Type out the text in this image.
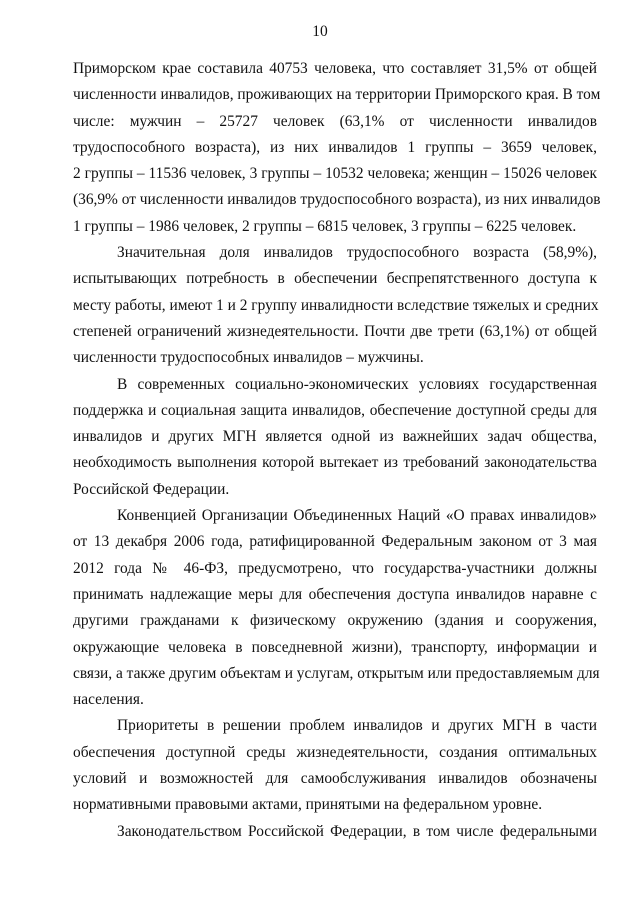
10
Приморском крае составила 40753 человека, что составляет 31,5% от общей
численности инвалидов, проживающих на территории Приморского края. В том
числе: мужчин – 25727 человек (63,1% от численности инвалидов
трудоспособного возраста), из них инвалидов 1 группы – 3659 человек,
2 группы – 11536 человек, 3 группы – 10532 человека; женщин – 15026 человек
(36,9% от численности инвалидов трудоспособного возраста), из них инвалидов
1 группы – 1986 человек, 2 группы – 6815 человек, 3 группы – 6225 человек.
Значительная доля инвалидов трудоспособного возраста (58,9%),
испытывающих потребность в обеспечении беспрепятственного доступа к
месту работы, имеют 1 и 2 группу инвалидности вследствие тяжелых и средних
степеней ограничений жизнедеятельности. Почти две трети (63,1%) от общей
численности трудоспособных инвалидов – мужчины.
В современных социально-экономических условиях государственная
поддержка и социальная защита инвалидов, обеспечение доступной среды для
инвалидов и других МГН является одной из важнейших задач общества,
необходимость выполнения которой вытекает из требований законодательства
Российской Федерации.
Конвенцией Организации Объединенных Наций «О правах инвалидов»
от 13 декабря 2006 года, ратифицированной Федеральным законом от 3 мая
2012 года № 46-ФЗ, предусмотрено, что государства-участники должны
принимать надлежащие меры для обеспечения доступа инвалидов наравне с
другими гражданами к физическому окружению (здания и сооружения,
окружающие человека в повседневной жизни), транспорту, информации и
связи, а также другим объектам и услугам, открытым или предоставляемым для
населения.
Приоритеты в решении проблем инвалидов и других МГН в части
обеспечения доступной среды жизнедеятельности, создания оптимальных
условий и возможностей для самообслуживания инвалидов обозначены
нормативными правовыми актами, принятыми на федеральном уровне.
Законодательством Российской Федерации, в том числе федеральными
